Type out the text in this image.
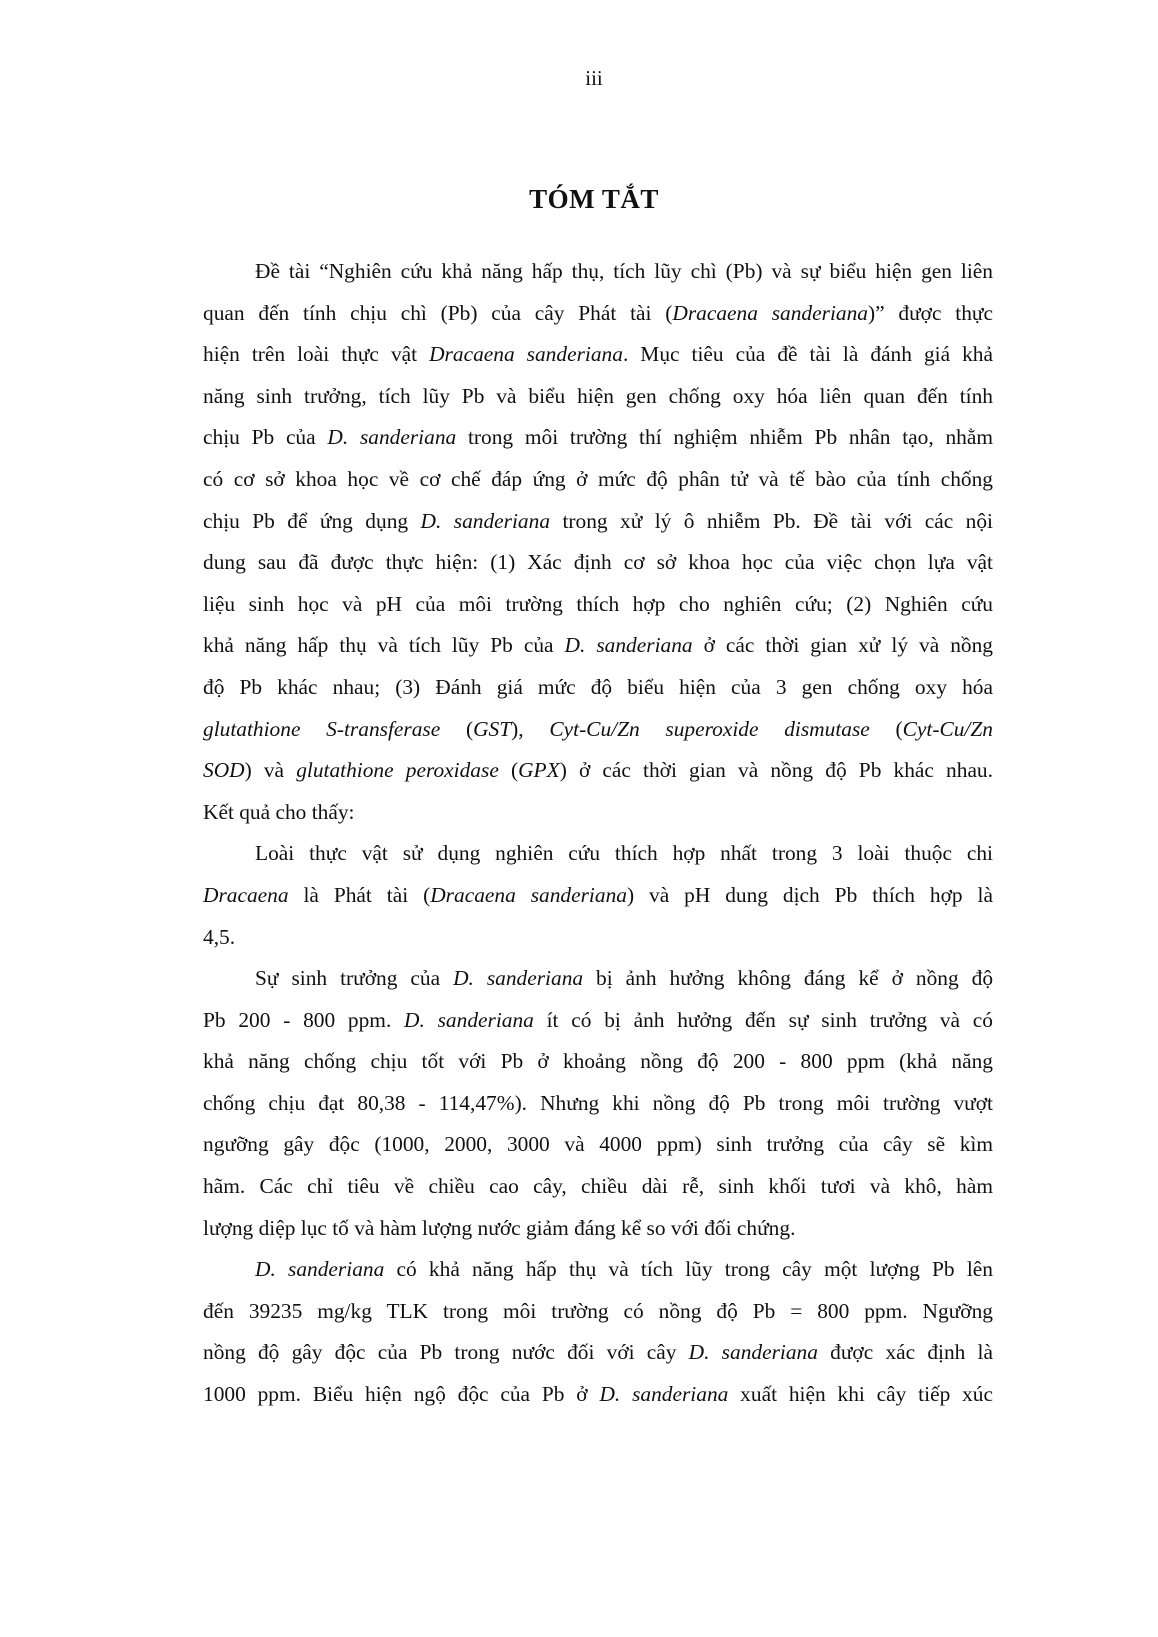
iii
TÓM TẮT
Đề tài “Nghiên cứu khả năng hấp thụ, tích lũy chì (Pb) và sự biểu hiện gen liên
quan đến tính chịu chì (Pb) của cây Phát tài (Dracaena sanderiana)” được thực
hiện trên loài thực vật Dracaena sanderiana. Mục tiêu của đề tài là đánh giá khả
năng sinh trưởng, tích lũy Pb và biểu hiện gen chống oxy hóa liên quan đến tính
chịu Pb của D. sanderiana trong môi trường thí nghiệm nhiễm Pb nhân tạo, nhằm
có cơ sở khoa học về cơ chế đáp ứng ở mức độ phân tử và tế bào của tính chống
chịu Pb để ứng dụng D. sanderiana trong xử lý ô nhiễm Pb. Đề tài với các nội
dung sau đã được thực hiện: (1) Xác định cơ sở khoa học của việc chọn lựa vật
liệu sinh học và pH của môi trường thích hợp cho nghiên cứu; (2) Nghiên cứu
khả năng hấp thụ và tích lũy Pb của D. sanderiana ở các thời gian xử lý và nồng
độ Pb khác nhau; (3) Đánh giá mức độ biểu hiện của 3 gen chống oxy hóa
glutathione S-transferase (GST), Cyt-Cu/Zn superoxide dismutase (Cyt-Cu/Zn
SOD) và glutathione peroxidase (GPX) ở các thời gian và nồng độ Pb khác nhau.
Kết quả cho thấy:
Loài thực vật sử dụng nghiên cứu thích hợp nhất trong 3 loài thuộc chi
Dracaena là Phát tài (Dracaena sanderiana) và pH dung dịch Pb thích hợp là
4,5.
Sự sinh trưởng của D. sanderiana bị ảnh hưởng không đáng kể ở nồng độ
Pb 200 - 800 ppm. D. sanderiana ít có bị ảnh hưởng đến sự sinh trưởng và có
khả năng chống chịu tốt với Pb ở khoảng nồng độ 200 - 800 ppm (khả năng
chống chịu đạt 80,38 - 114,47%). Nhưng khi nồng độ Pb trong môi trường vượt
ngưỡng gây độc (1000, 2000, 3000 và 4000 ppm) sinh trưởng của cây sẽ kìm
hãm. Các chỉ tiêu về chiều cao cây, chiều dài rễ, sinh khối tươi và khô, hàm
lượng diệp lục tố và hàm lượng nước giảm đáng kể so với đối chứng.
D. sanderiana có khả năng hấp thụ và tích lũy trong cây một lượng Pb lên
đến 39235 mg/kg TLK trong môi trường có nồng độ Pb = 800 ppm. Ngưỡng
nồng độ gây độc của Pb trong nước đối với cây D. sanderiana được xác định là
1000 ppm. Biểu hiện ngộ độc của Pb ở D. sanderiana xuất hiện khi cây tiếp xúc
